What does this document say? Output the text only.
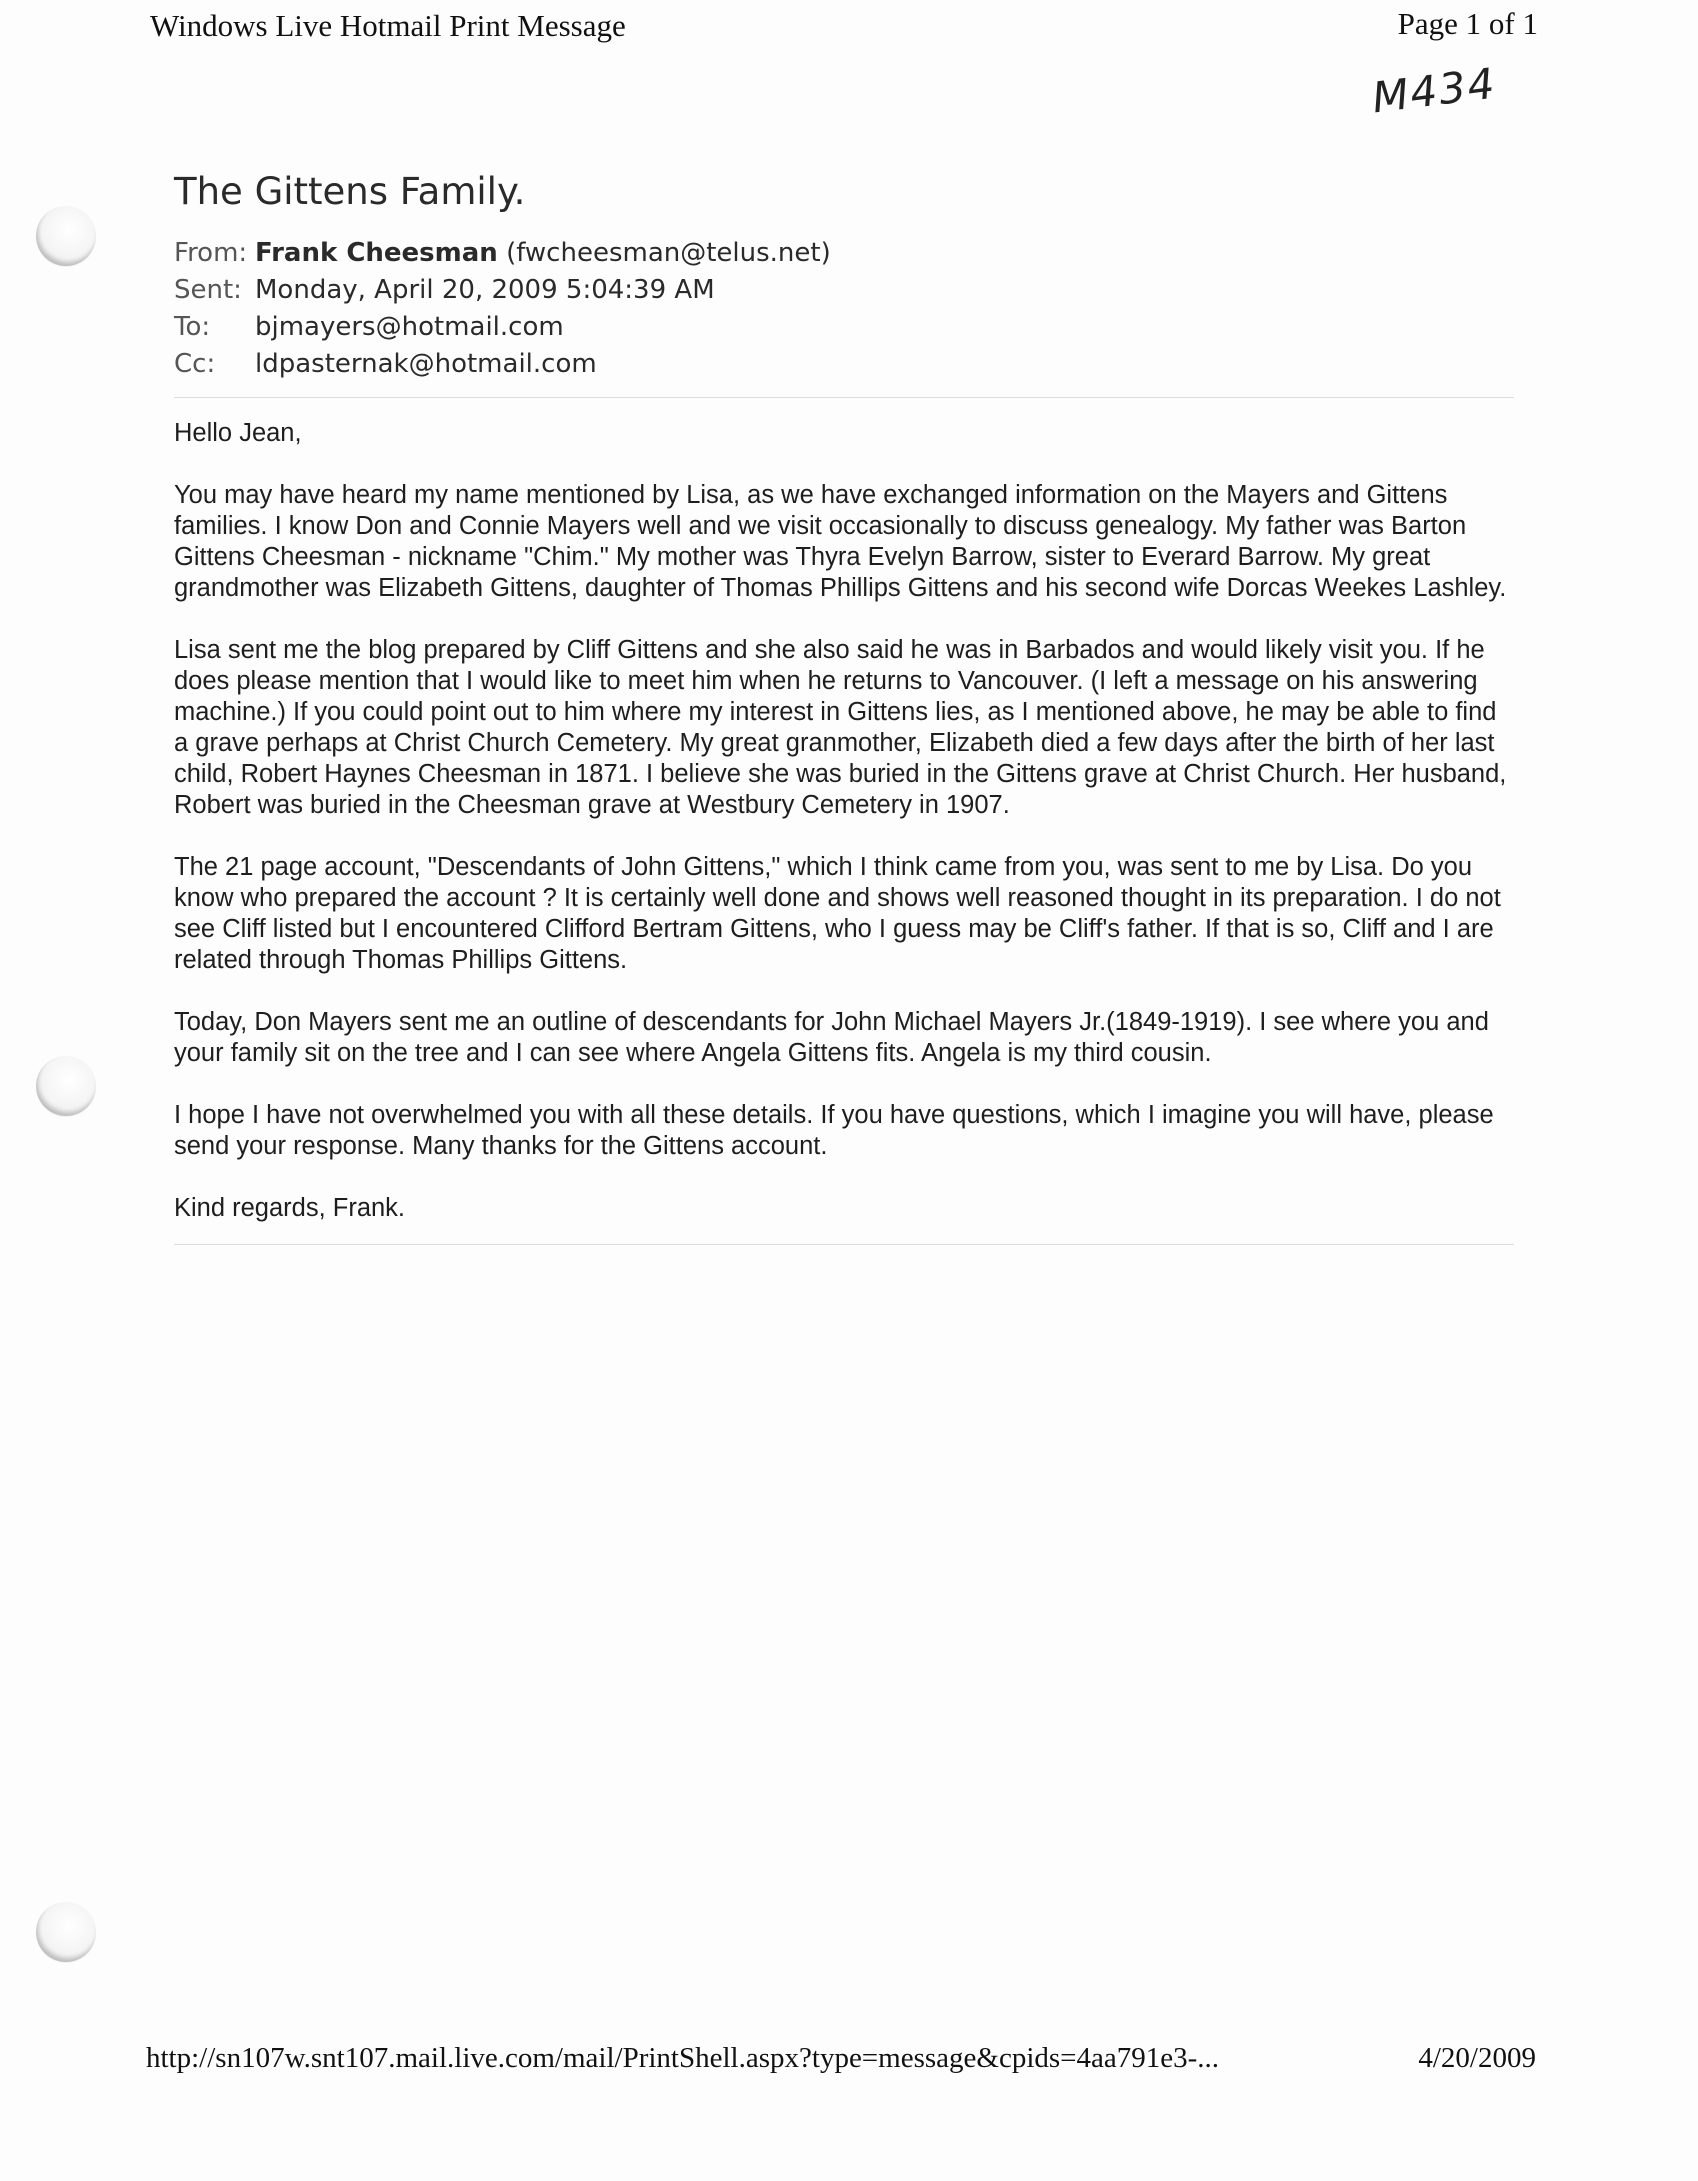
Windows Live Hotmail Print Message	Page 1 of 1
M434
The Gittens Family.
From: Frank Cheesman (fwcheesman@telus.net)
Sent: Monday, April 20, 2009 5:04:39 AM
To:	bjmayers@hotmail.com
Cc:	ldpasternak@hotmail.com

Hello Jean,

You may have heard my name mentioned by Lisa, as we have exchanged information on the Mayers and Gittens families. I know Don and Connie Mayers well and we visit occasionally to discuss genealogy. My father was Barton Gittens Cheesman - nickname "Chim." My mother was Thyra Evelyn Barrow, sister to Everard Barrow. My great grandmother was Elizabeth Gittens, daughter of Thomas Phillips Gittens and his second wife Dorcas Weekes Lashley.

Lisa sent me the blog prepared by Cliff Gittens and she also said he was in Barbados and would likely visit you. If he does please mention that I would like to meet him when he returns to Vancouver. (I left a message on his answering machine.) If you could point out to him where my interest in Gittens lies, as I mentioned above, he may be able to find a grave perhaps at Christ Church Cemetery. My great granmother, Elizabeth died a few days after the birth of her last child, Robert Haynes Cheesman in 1871. I believe she was buried in the Gittens grave at Christ Church. Her husband, Robert was buried in the Cheesman grave at Westbury Cemetery in 1907.

The 21 page account, "Descendants of John Gittens," which I think came from you, was sent to me by Lisa. Do you know who prepared the account ? It is certainly well done and shows well reasoned thought in its preparation. I do not see Cliff listed but I encountered Clifford Bertram Gittens, who I guess may be Cliff's father. If that is so, Cliff and I are related through Thomas Phillips Gittens.

Today, Don Mayers sent me an outline of descendants for John Michael Mayers Jr.(1849-1919). I see where you and your family sit on the tree and I can see where Angela Gittens fits. Angela is my third cousin.

I hope I have not overwhelmed you with all these details. If you have questions, which I imagine you will have, please send your response. Many thanks for the Gittens account.

Kind regards, Frank.

http://sn107w.snt107.mail.live.com/mail/PrintShell.aspx?type=message&cpids=4aa791e3-...	4/20/2009
